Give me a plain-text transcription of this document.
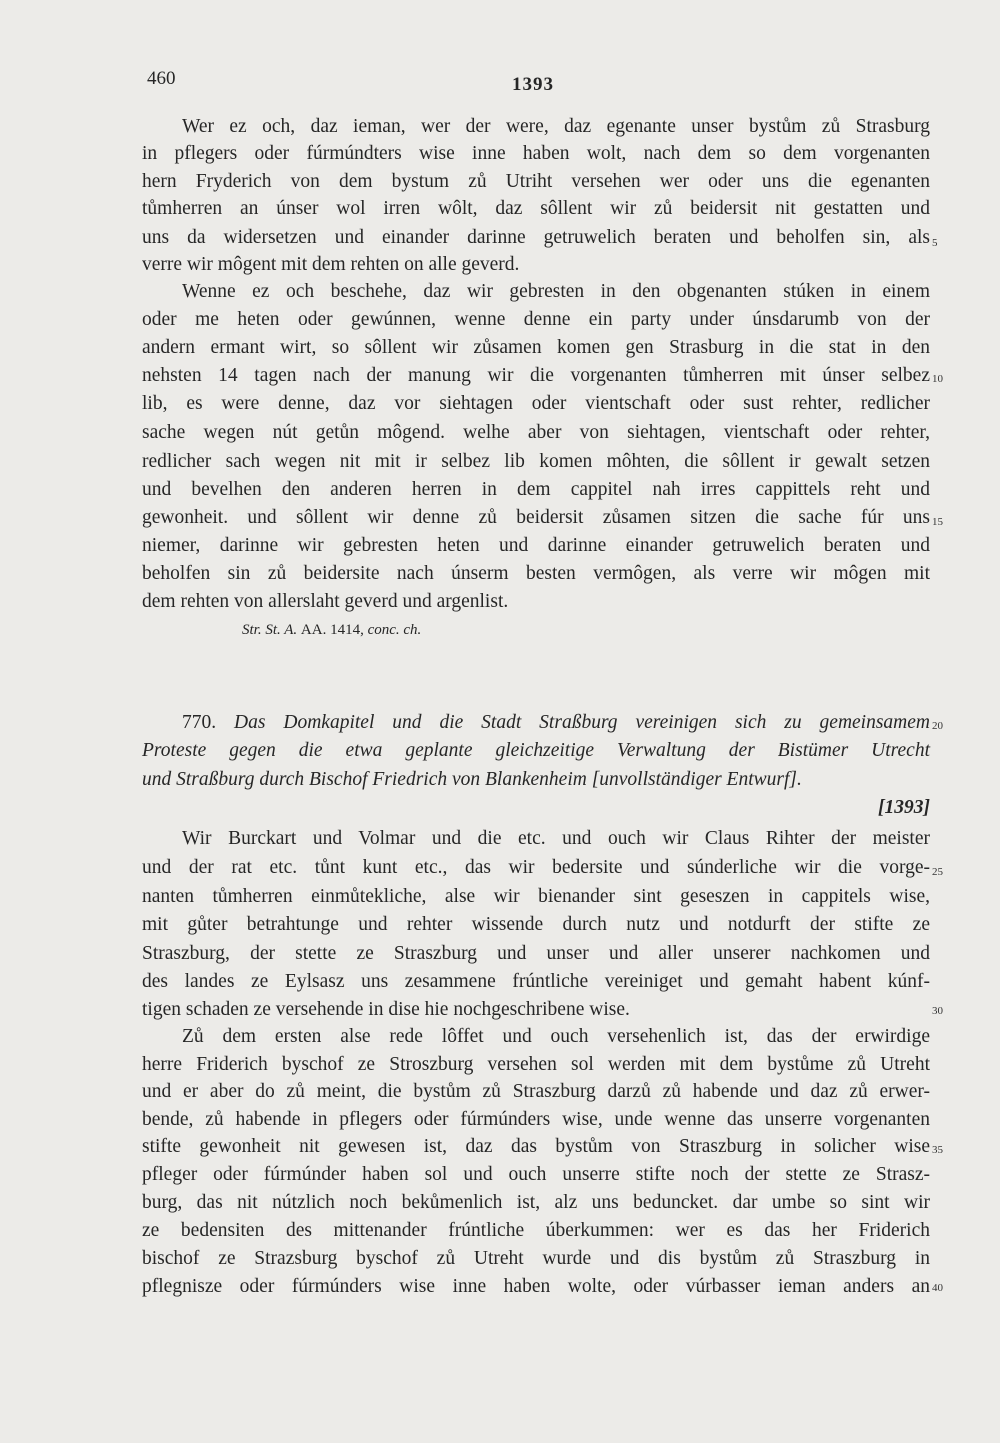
460	1393
Wer ez och, daz ieman, wer der were, daz egenante unser bystům zů Strasburg
in pflegers oder fúrmúndters wise inne haben wolt, nach dem so dem vorgenanten
hern Fryderich von dem bystum zů Utriht versehen wer oder uns die egenanten
tůmherren an únser wol irren wôlt, daz sôllent wir zů beidersit nit gestatten und
uns da widersetzen und einander darinne getruwelich beraten und beholfen sin, als
verre wir môgent mit dem rehten on alle geverd.
Wenne ez och beschehe, daz wir gebresten in den obgenanten stúken in einem
oder me heten oder gewúnnen, wenne denne ein party under únsdarumb von der
andern ermant wirt, so sôllent wir zůsamen komen gen Strasburg in die stat in den
nehsten 14 tagen nach der manung wir die vorgenanten tůmherren mit únser selbez
lib, es were denne, daz vor siehtagen oder vientschaft oder sust rehter, redlicher
sache wegen nút getůn môgend. welhe aber von siehtagen, vientschaft oder rehter,
redlicher sach wegen nit mit ir selbez lib komen môhten, die sôllent ir gewalt setzen
und bevelhen den anderen herren in dem cappitel nah irres cappittels reht und
gewonheit. und sôllent wir denne zů beidersit zůsamen sitzen die sache fúr uns
niemer, darinne wir gebresten heten und darinne einander getruwelich beraten und
beholfen sin zů beidersite nach únserm besten vermôgen, als verre wir môgen mit
dem rehten von allerslaht geverd und argenlist.
Str. St. A. AA. 1414, conc. ch.
770. Das Domkapitel und die Stadt Straßburg vereinigen sich zu gemeinsamem
Proteste gegen die etwa geplante gleichzeitige Verwaltung der Bistümer Utrecht
und Straßburg durch Bischof Friedrich von Blankenheim [unvollständiger Entwurf].
[1393]
Wir Burckart und Volmar und die etc. und ouch wir Claus Rihter der meister
und der rat etc. tůnt kunt etc., das wir bedersite und súnderliche wir die vorge-
nanten tůmherren einmůtekliche, alse wir bienander sint geseszen in cappitels wise,
mit gůter betrahtunge und rehter wissende durch nutz und notdurft der stifte ze
Straszburg, der stette ze Straszburg und unser und aller unserer nachkomen und
des landes ze Eylsasz uns zesammene frúntliche vereiniget und gemaht habent kúnf-
tigen schaden ze versehende in dise hie nochgeschribene wise.
Zů dem ersten alse rede lôffet und ouch versehenlich ist, das der erwirdige
herre Friderich byschof ze Stroszburg versehen sol werden mit dem bystůme zů Utreht
und er aber do zů meint, die bystům zů Straszburg darzů zů habende und daz zů erwer-
bende, zů habende in pflegers oder fúrmúnders wise, unde wenne das unserre vorgenanten
stifte gewonheit nit gewesen ist, daz das bystům von Straszburg in solicher wise
pfleger oder fúrmúnder haben sol und ouch unserre stifte noch der stette ze Strasz-
burg, das nit nútzlich noch bekůmenlich ist, alz uns beduncket. dar umbe so sint wir
ze bedensiten des mittenander frúntliche úberkummen: wer es das her Friderich
bischof ze Strazsburg byschof zů Utreht wurde und dis bystům zů Straszburg in
pflegnisze oder fúrmúnders wise inne haben wolte, oder vúrbasser ieman anders an
5
10
15
20
25
30
35
40
